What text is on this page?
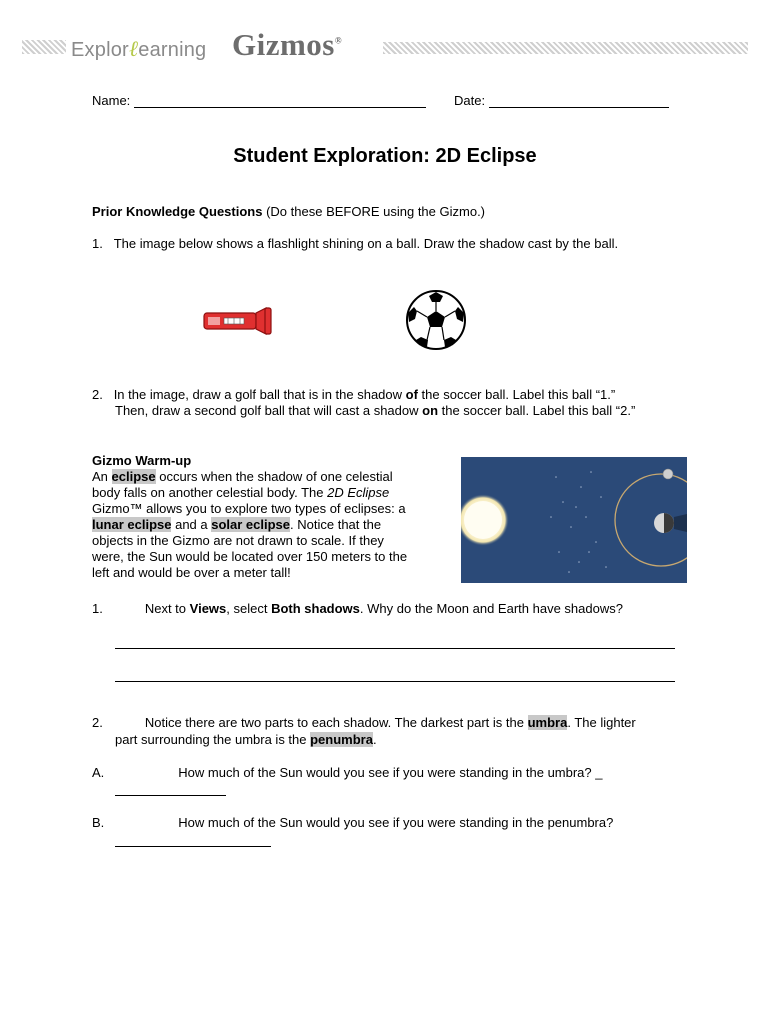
Explorℓearning Gizmos®
Name:	Date:
Student Exploration: 2D Eclipse
Prior Knowledge Questions (Do these BEFORE using the Gizmo.)
1. The image below shows a flashlight shining on a ball. Draw the shadow cast by the ball.
2. In the image, draw a golf ball that is in the shadow of the soccer ball. Label this ball “1.”
Then, draw a second golf ball that will cast a shadow on the soccer ball. Label this ball “2.”
Gizmo Warm-up
An eclipse occurs when the shadow of one celestial
body falls on another celestial body. The 2D Eclipse
Gizmo™ allows you to explore two types of eclipses: a
lunar eclipse and a solar eclipse. Notice that the
objects in the Gizmo are not drawn to scale. If they
were, the Sun would be located over 150 meters to the
left and would be over a meter tall!
1.	Next to Views, select Both shadows. Why do the Moon and Earth have shadows?
2.	Notice there are two parts to each shadow. The darkest part is the umbra. The lighter
part surrounding the umbra is the penumbra.
A.	How much of the Sun would you see if you were standing in the umbra? _
B.	How much of the Sun would you see if you were standing in the penumbra?
